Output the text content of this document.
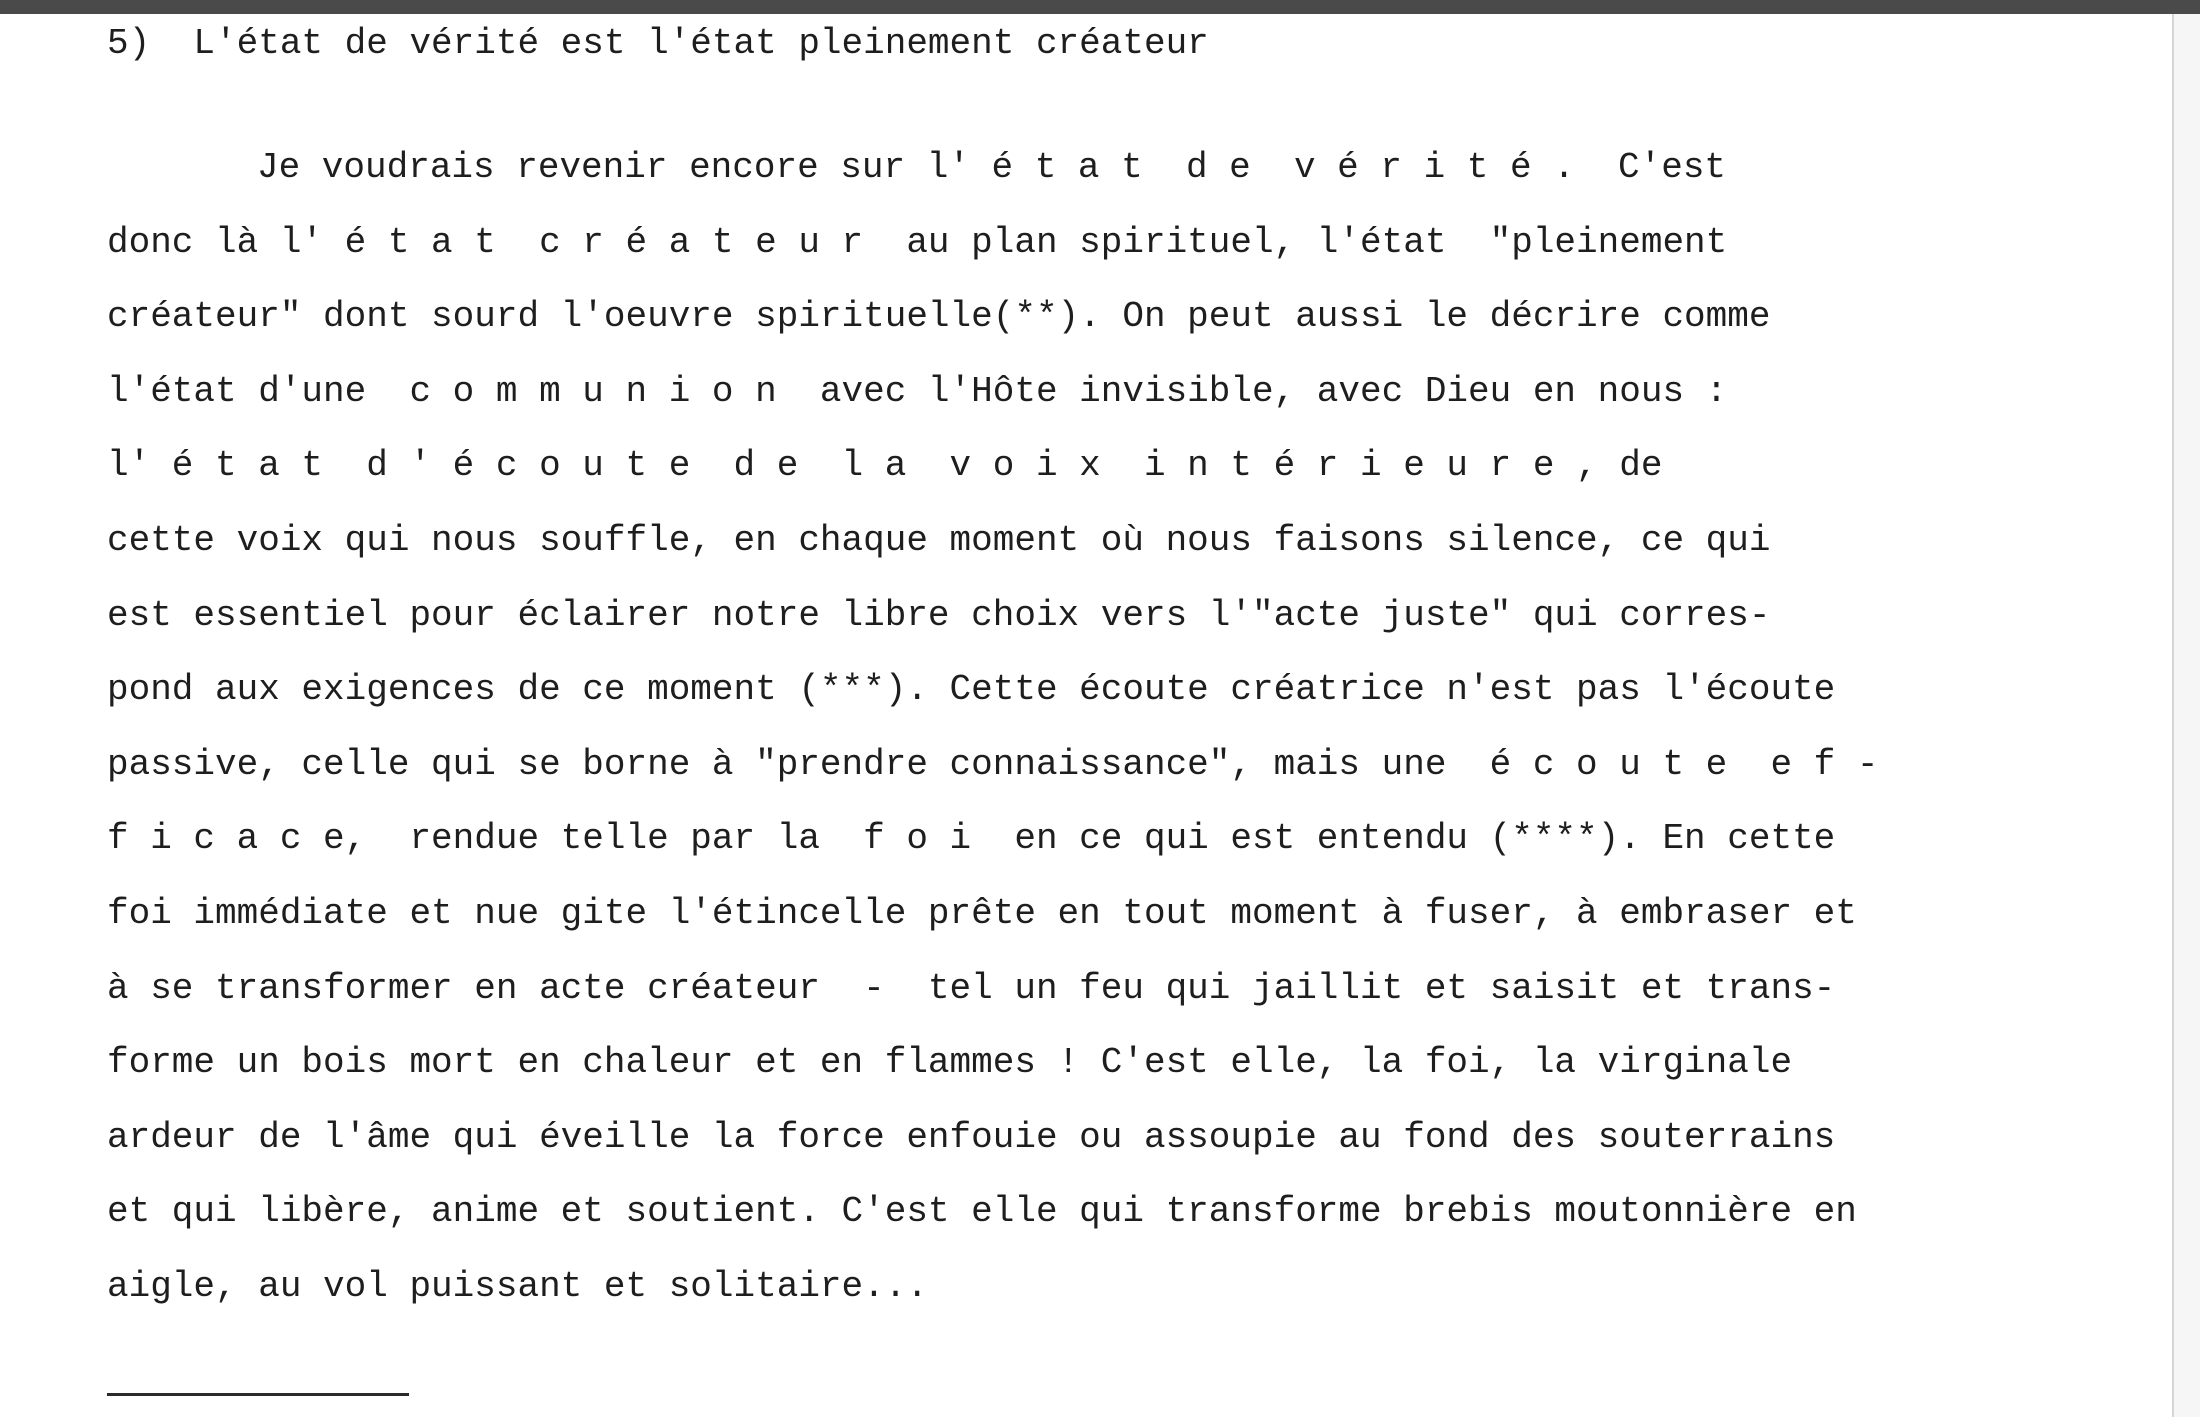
5)  L'état de vérité est l'état pleinement créateur
Je voudrais revenir encore sur l' é t a t  d e  v é r i t é .  C'est
donc là l' é t a t  c r é a t e u r  au plan spirituel, l'état  "pleinement
créateur" dont sourd l'oeuvre spirituelle(**). On peut aussi le décrire comme
l'état d'une  c o m m u n i o n  avec l'Hôte invisible, avec Dieu en nous :
l' é t a t  d ' é c o u t e  d e  l a  v o i x  i n t é r i e u r e , de
cette voix qui nous souffle, en chaque moment où nous faisons silence, ce qui
est essentiel pour éclairer notre libre choix vers l'"acte juste" qui corres-
pond aux exigences de ce moment (***). Cette écoute créatrice n'est pas l'écoute
passive, celle qui se borne à "prendre connaissance", mais une  é c o u t e  e f -
f i c a c e,  rendue telle par la  f o i  en ce qui est entendu (****). En cette
foi immédiate et nue gite l'étincelle prête en tout moment à fuser, à embraser et
à se transformer en acte créateur  -  tel un feu qui jaillit et saisit et trans-
forme un bois mort en chaleur et en flammes ! C'est elle, la foi, la virginale
ardeur de l'âme qui éveille la force enfouie ou assoupie au fond des souterrains
et qui libère, anime et soutient. C'est elle qui transforme brebis moutonnière en
aigle, au vol puissant et solitaire...
